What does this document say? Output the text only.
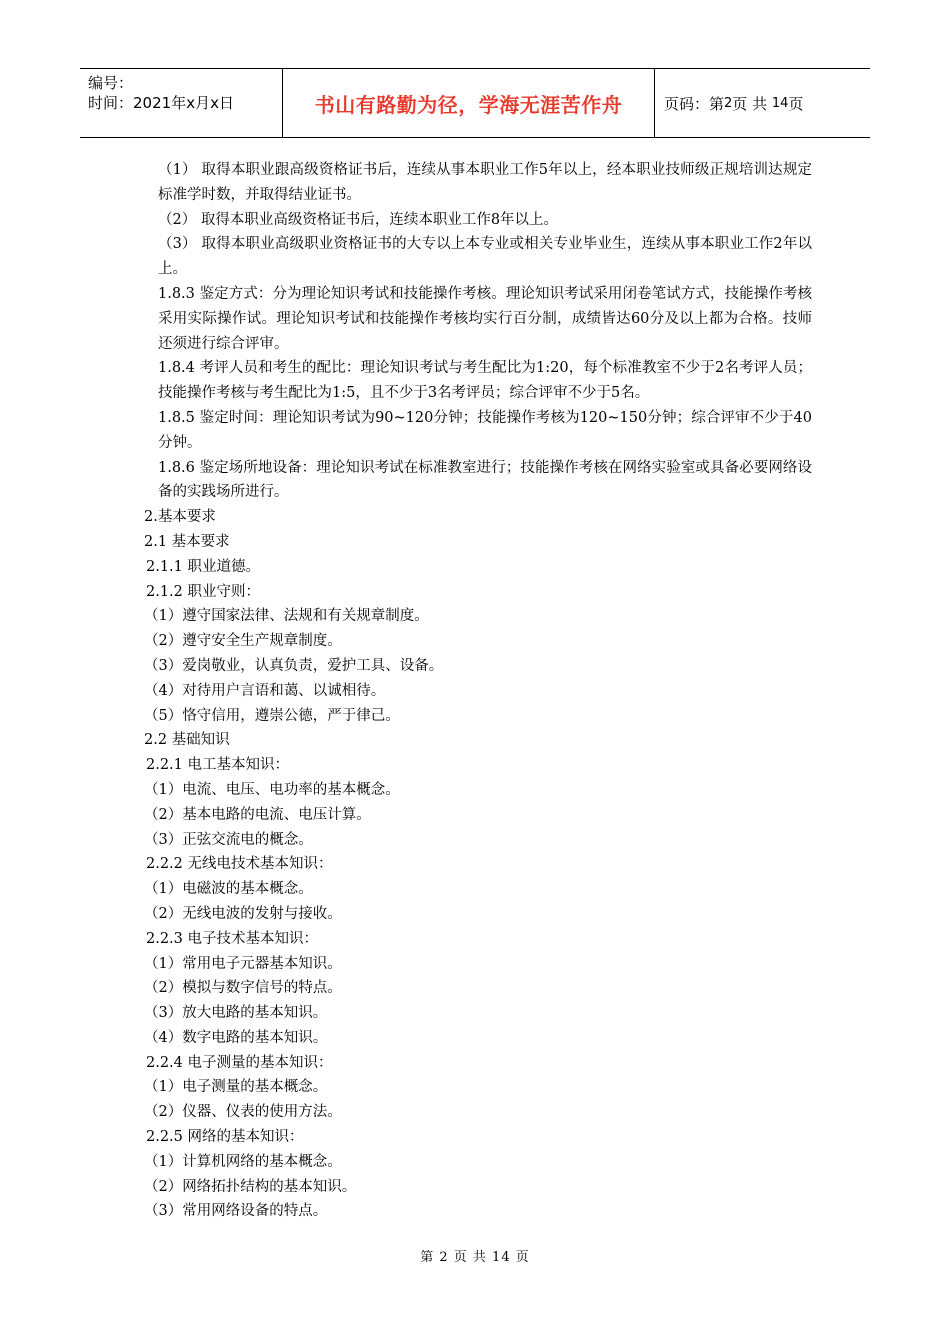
编号：
时间：2021年x月x日	书山有路勤为径，学海无涯苦作舟	页码：第 2 页 共
14 页

（1） 取得本职业跟高级资格证书后，连续从事本职业工作5年以上，经本职业技师级正规培训达规定标准学时数，并取得结业证书。

（2） 取得本职业高级资格证书后，连续本职业工作8年以上。

（3） 取得本职业高级职业资格证书的大专以上本专业或相关专业毕业生，连续从事本职业工作2年以上。

1.8.3 鉴定方式：分为理论知识考试和技能操作考核。理论知识考试采用闭卷笔试方式，技能操作考核采用实际操作试。理论知识考试和技能操作考核均实行百分制，成绩皆达60分及以上都为合格。技师还须进行综合评审。

1.8.4 考评人员和考生的配比：理论知识考试与考生配比为1:20，每个标准教室不少于2名考评人员；技能操作考核与考生配比为1:5，且不少于3名考评员；综合评审不少于5名。

1.8.5 鉴定时间：理论知识考试为90~120分钟；技能操作考核为120~150分钟；综合评审不少于40分钟。

1.8.6 鉴定场所地设备：理论知识考试在标准教室进行；技能操作考核在网络实验室或具备必要网络设备的实践场所进行。

2.基本要求

2.1 基本要求

2.1.1 职业道德。

2.1.2 职业守则：

（1）遵守国家法律、法规和有关规章制度。

（2）遵守安全生产规章制度。

（3）爱岗敬业，认真负责，爱护工具、设备。

（4）对待用户言语和蔼、以诚相待。

（5）恪守信用，遵崇公德，严于律己。

2.2 基础知识

2.2.1 电工基本知识：

（1）电流、电压、电功率的基本概念。

（2）基本电路的电流、电压计算。

（3）正弦交流电的概念。

2.2.2 无线电技术基本知识：

（1）电磁波的基本概念。

（2）无线电波的发射与接收。

2.2.3 电子技术基本知识：

（1）常用电子元器基本知识。

（2）模拟与数字信号的特点。

（3）放大电路的基本知识。

（4）数字电路的基本知识。

2.2.4 电子测量的基本知识：

（1）电子测量的基本概念。

（2）仪器、仪表的使用方法。

2.2.5 网络的基本知识：

（1）计算机网络的基本概念。

（2）网络拓扑结构的基本知识。

（3）常用网络设备的特点。

第 2 页 共 14 页
